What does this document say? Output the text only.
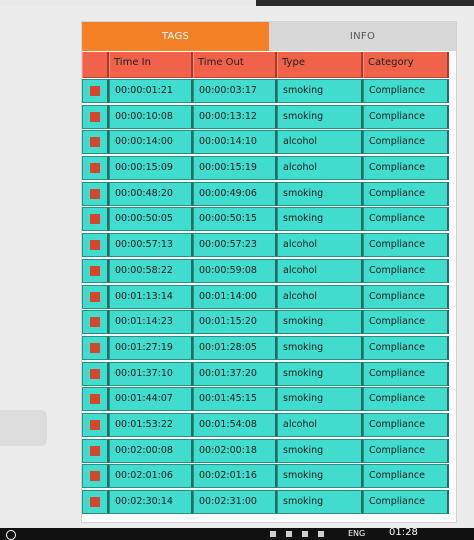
TAGS	INFO
Time In	Time Out	Type	Category
00:00:01:21	00:00:03:17	smoking	Compliance
00:00:10:08	00:00:13:12	smoking	Compliance
00:00:14:00	00:00:14:10	alcohol	Compliance
00:00:15:09	00:00:15:19	alcohol	Compliance
00:00:48:20	00:00:49:06	smoking	Compliance
00:00:50:05	00:00:50:15	smoking	Compliance
00:00:57:13	00:00:57:23	alcohol	Compliance
00:00:58:22	00:00:59:08	alcohol	Compliance
00:01:13:14	00:01:14:00	alcohol	Compliance
00:01:14:23	00:01:15:20	smoking	Compliance
00:01:27:19	00:01:28:05	smoking	Compliance
00:01:37:10	00:01:37:20	smoking	Compliance
00:01:44:07	00:01:45:15	smoking	Compliance
00:01:53:22	00:01:54:08	alcohol	Compliance
00:02:00:08	00:02:00:18	smoking	Compliance
00:02:01:06	00:02:01:16	smoking	Compliance
00:02:30:14	00:02:31:00	smoking	Compliance
ENG 01:28
